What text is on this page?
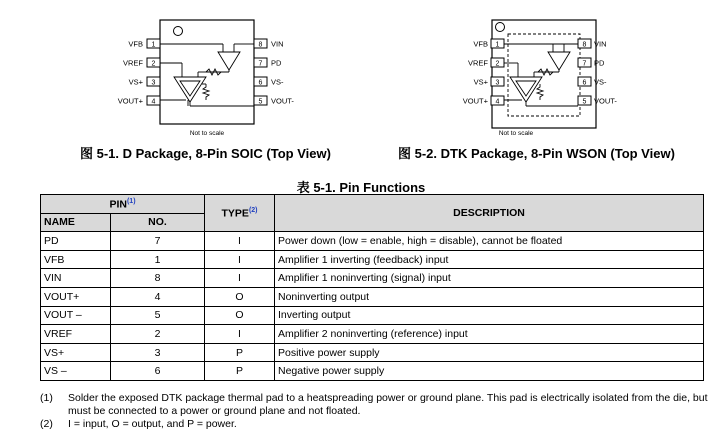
1
2
3
4
VFB
VREF
VS+
VOUT+
8
7
6
5
VIN
PD
VS-
VOUT-
Not to scale
图 5-1. D Package, 8-Pin SOIC (Top View)
1
2
3
4
VFB
VREF
VS+
VOUT+
8
7
6
5
VIN
PD
VS-
VOUT-
Not to scale
图 5-2. DTK Package, 8-Pin WSON (Top View)
表 5-1. Pin Functions
PIN$^{(1)}$		TYPE$^{(2)}$	DESCRIPTION
NAME	NO.		
PD	7	I	Power down (low = enable, high = disable), cannot be floated
VFB	1	I	Amplifier 1 inverting (feedback) input
VIN	8	I	Amplifier 1 noninverting (signal) input
VOUT+	4	O	Noninverting output
VOUT –	5	O	Inverting output
VREF	2	I	Amplifier 2 noninverting (reference) input
VS+	3	P	Positive power supply
VS –	6	P	Negative power supply
(1)	Solder the exposed DTK package thermal pad to a heatspreading power or ground plane. This pad is electrically isolated from the die, but must be connected to a power or ground plane and not floated.
(2)	I = input, O = output, and P = power.
